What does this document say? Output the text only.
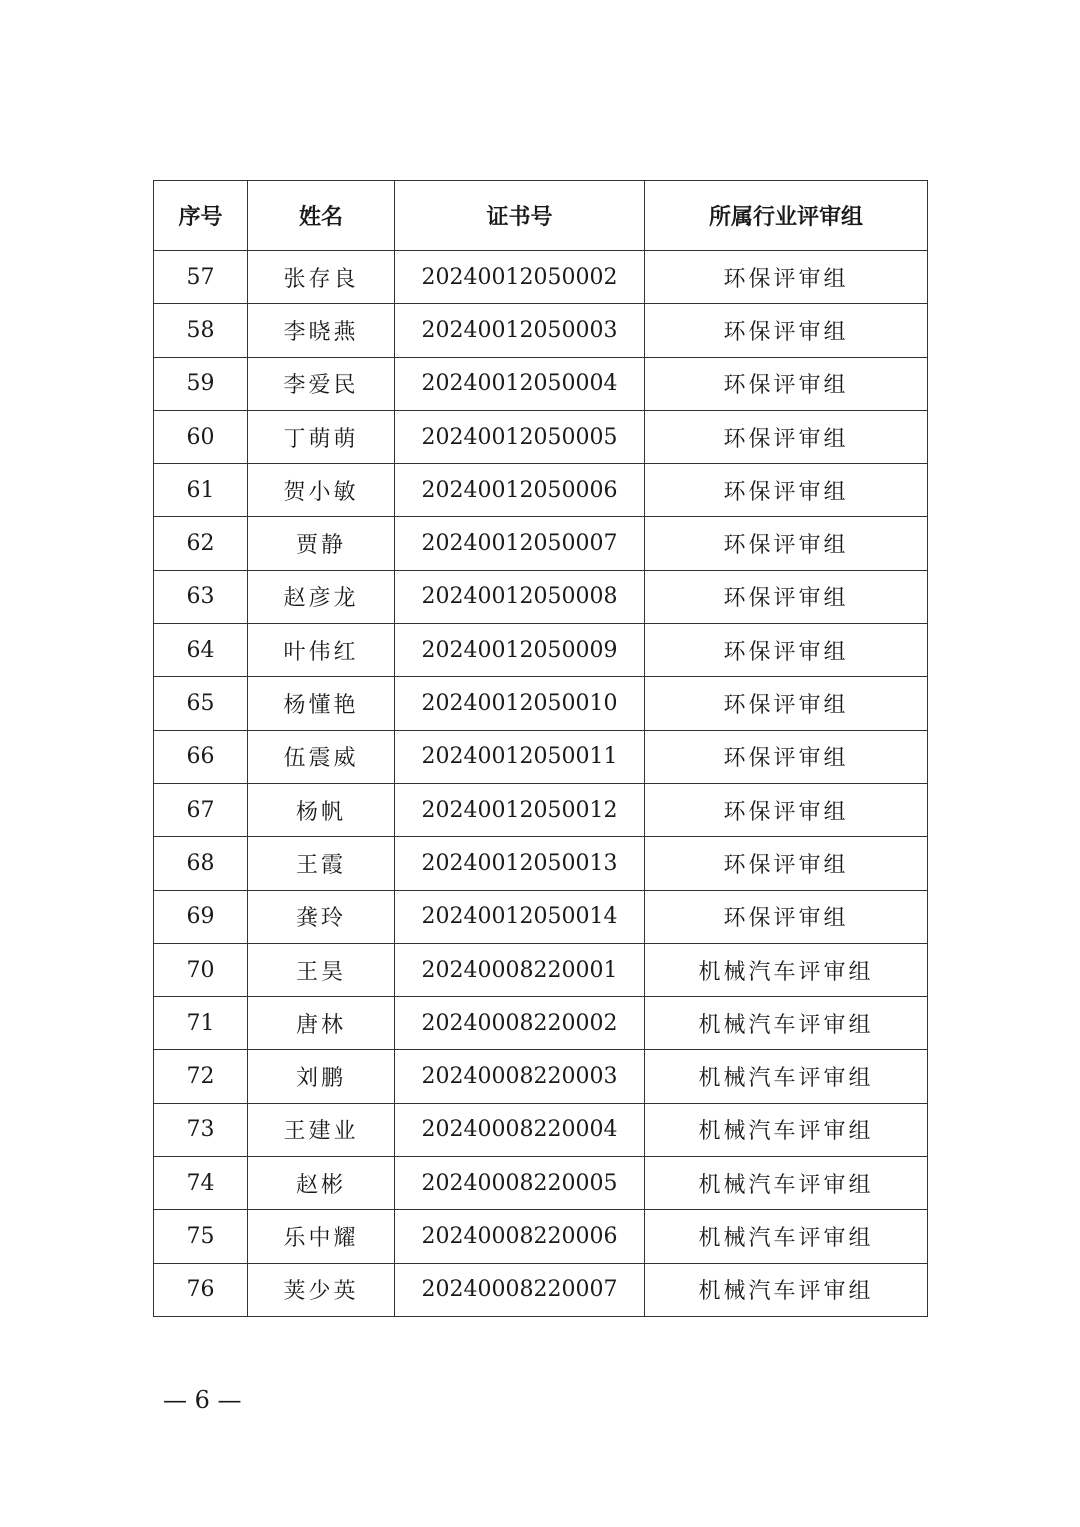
序号	姓名	证书号	所属行业评审组
57	张存良	20240012050002	环保评审组
58	李晓燕	20240012050003	环保评审组
59	李爱民	20240012050004	环保评审组
60	丁萌萌	20240012050005	环保评审组
61	贺小敏	20240012050006	环保评审组
62	贾静	20240012050007	环保评审组
63	赵彦龙	20240012050008	环保评审组
64	叶伟红	20240012050009	环保评审组
65	杨懂艳	20240012050010	环保评审组
66	伍震威	20240012050011	环保评审组
67	杨帆	20240012050012	环保评审组
68	王霞	20240012050013	环保评审组
69	龚玲	20240012050014	环保评审组
70	王昊	20240008220001	机械汽车评审组
71	唐林	20240008220002	机械汽车评审组
72	刘鹏	20240008220003	机械汽车评审组
73	王建业	20240008220004	机械汽车评审组
74	赵彬	20240008220005	机械汽车评审组
75	乐中耀	20240008220006	机械汽车评审组
76	荚少英	20240008220007	机械汽车评审组
— 6 —
